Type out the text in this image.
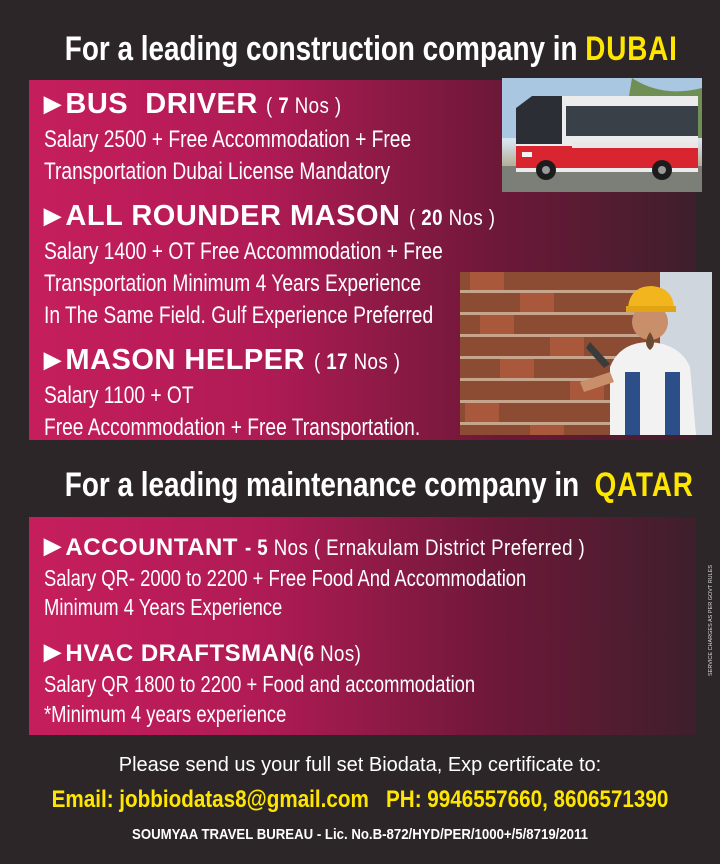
For a leading construction company in DUBAI
▶ BUS  DRIVER ( 7 Nos )
Salary 2500 + Free Accommodation + Free
Transportation Dubai License Mandatory
▶ ALL ROUNDER MASON ( 20 Nos )
Salary 1400 + OT Free Accommodation + Free
Transportation Minimum 4 Years Experience
In The Same Field. Gulf Experience Preferred
▶ MASON HELPER ( 17 Nos )
Salary 1100 + OT
Free Accommodation + Free Transportation.
For a leading maintenance company in QATAR
▶ ACCOUNTANT - 5 Nos ( Ernakulam District Preferred )
Salary QR- 2000 to 2200 + Free Food And Accommodation
Minimum 4 Years Experience
▶ HVAC DRAFTSMAN(6 Nos)
Salary QR 1800 to 2200 + Food and accommodation
*Minimum 4 years experience
SERVICE CHARGES AS PER GOVT RULES
Please send us your full set Biodata, Exp certificate to:
Email: jobbiodatas8@gmail.com   PH: 9946557660, 8606571390
SOUMYAA TRAVEL BUREAU - Lic. No.B-872/HYD/PER/1000+/5/8719/2011
